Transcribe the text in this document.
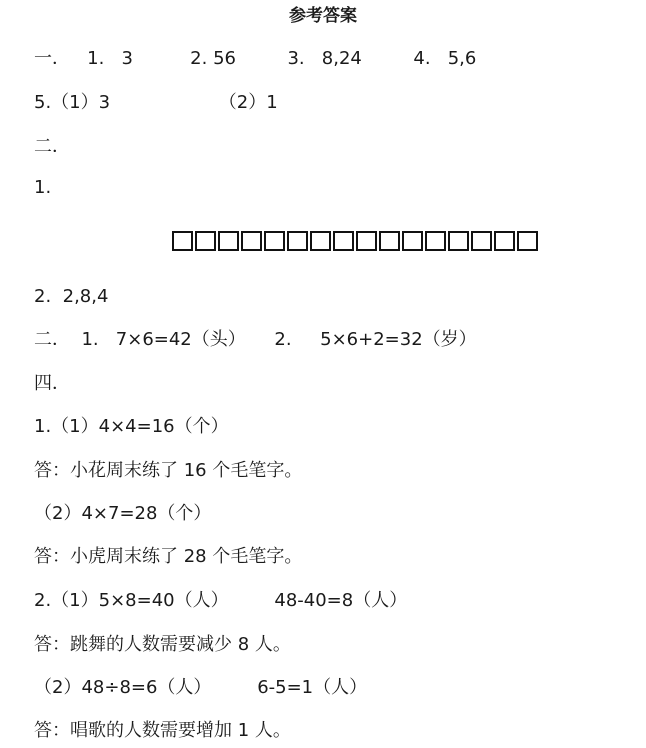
参考答案
一．   1.   3          2. 56         3.   8,24         4.   5,6
5.（1）3                   （2）1
二．
1.
2.  2,8,4
二．  1.   7×6=42（头）     2.     5×6+2=32（岁）
四．
1.（1）4×4=16（个）
答：小花周末练了 16 个毛笔字。
（2）4×7=28（个）
答：小虎周末练了 28 个毛笔字。
2.（1）5×8=40（人）        48-40=8（人）
答：跳舞的人数需要减少 8 人。
（2）48÷8=6（人）        6-5=1（人）
答：唱歌的人数需要增加 1 人。
